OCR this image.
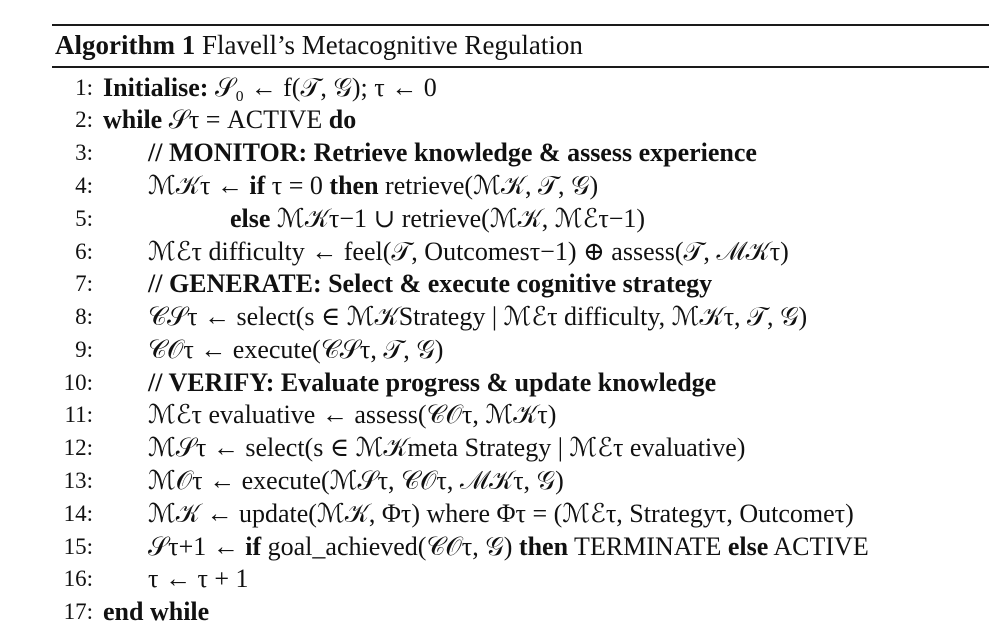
Algorithm 1 Flavell’s Metacognitive Regulation
1: Initialise: 𝒮₀ ← f(𝒯, 𝒢); τ ← 0
2: while 𝒮τ = ACTIVE do
3: // MONITOR: Retrieve knowledge & assess experience
4: ℳ𝒦τ ← if τ = 0 then retrieve(ℳ𝒦, 𝒯, 𝒢)
5:	else ℳ𝒦τ−1 ∪ retrieve(ℳ𝒦, ℳℰτ−1)
6: ℳℰτ difficulty ← feel(𝒯, Outcomesτ−1) ⊕ assess(𝒯, ℳ𝒦τ)
7: // GENERATE: Select & execute cognitive strategy
8: 𝒞𝒮τ ← select(s ∈ ℳ𝒦Strategy | ℳℰτ difficulty, ℳ𝒦τ, 𝒯, 𝒢)
9: 𝒞𝒪τ ← execute(𝒞𝒮τ, 𝒯, 𝒢)
10: // VERIFY: Evaluate progress & update knowledge
11: ℳℰτ evaluative ← assess(𝒞𝒪τ, ℳ𝒦τ)
12: ℳ𝒮τ ← select(s ∈ ℳ𝒦meta Strategy | ℳℰτ evaluative)
13: ℳ𝒪τ ← execute(ℳ𝒮τ, 𝒞𝒪τ, ℳ𝒦τ, 𝒢)
14: ℳ𝒦 ← update(ℳ𝒦, Φτ) where Φτ = (ℳℰτ, Strategyτ, Outcomeτ)
15: 𝒮τ+1 ← if goal_achieved(𝒞𝒪τ, 𝒢) then TERMINATE else ACTIVE
16: τ ← τ + 1
17: end while
